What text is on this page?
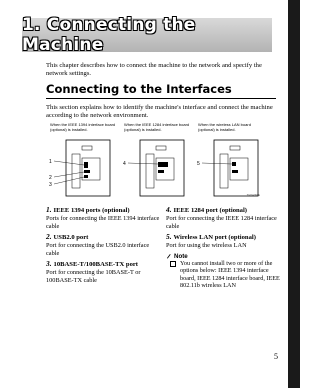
1. Connecting the Machine
This chapter describes how to connect the machine to the network and specify the network settings.
Connecting to the Interfaces
This section explains how to identify the machine's interface and connect the machine according to the network environment.
When the IEEE 1394 interface board (optional) is installed.
1
2
3
When the IEEE 1284 interface board (optional) is installed.
4
When the wireless LAN board (optional) is installed.
5
ZGDH090E
1. IEEE 1394 ports (optional)
Ports for connecting the IEEE 1394 interface cable
2. USB2.0 port
Port for connecting the USB2.0 interface cable
3. 10BASE-T/100BASE-TX port
Port for connecting the 10BASE-T or 100BASE-TX cable
4. IEEE 1284 port (optional)
Port for connecting the IEEE 1284 interface cable
5. Wireless LAN port (optional)
Port for using the wireless LAN
Note
You cannot install two or more of the options below: IEEE 1394 interface board, IEEE 1284 interface board, IEEE 802.11b wireless LAN
5
